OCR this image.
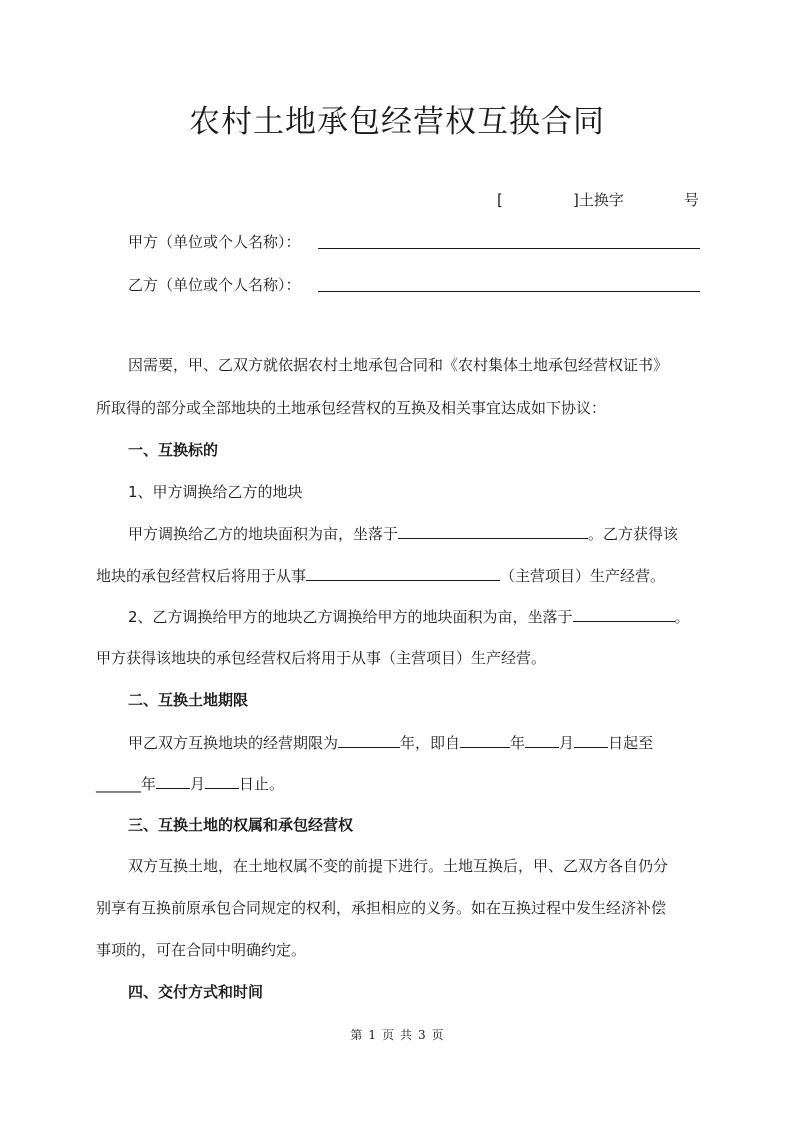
农村土地承包经营权互换合同
[	]土换字	号
甲方（单位或个人名称）：
乙方（单位或个人名称）：
因需要，甲、乙双方就依据农村土地承包合同和《农村集体土地承包经营权证书》
所取得的部分或全部地块的土地承包经营权的互换及相关事宜达成如下协议：
一、互换标的
1、甲方调换给乙方的地块
甲方调换给乙方的地块面积为亩，坐落于	。乙方获得该
地块的承包经营权后将用于从事	（主营项目）生产经营。
2、乙方调换给甲方的地块乙方调换给甲方的地块面积为亩，坐落于	。
甲方获得该地块的承包经营权后将用于从事（主营项目）生产经营。
二、互换土地期限
甲乙双方互换地块的经营期限为	年，即自	年 月 日起至
______年 月 日止。
三、互换土地的权属和承包经营权
双方互换土地，在土地权属不变的前提下进行。土地互换后，甲、乙双方各自仍分
别享有互换前原承包合同规定的权利，承担相应的义务。如在互换过程中发生经济补偿
事项的，可在合同中明确约定。
四、交付方式和时间
第 1 页 共 3 页
